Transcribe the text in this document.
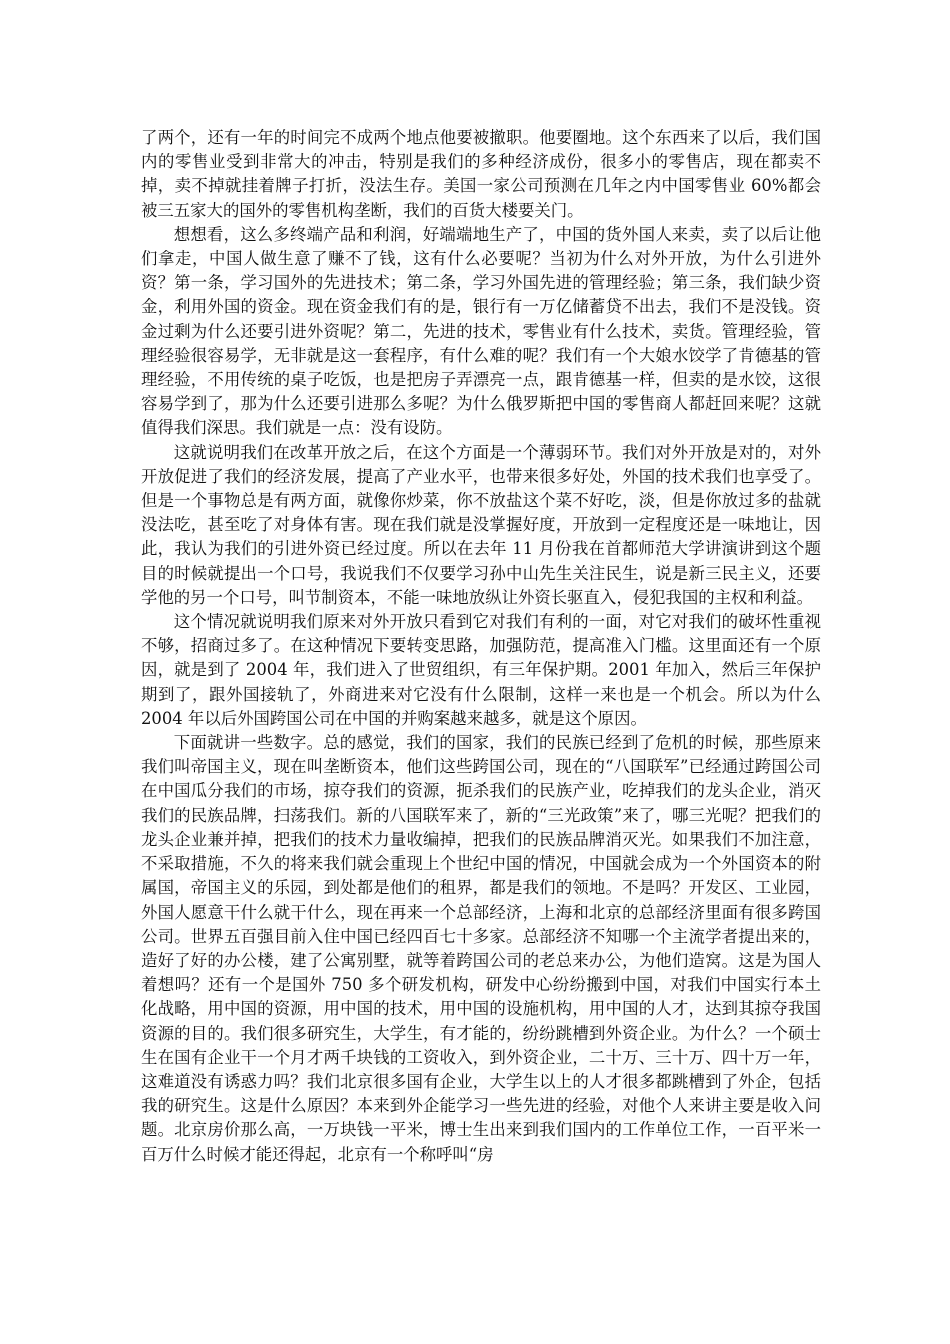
了两个，还有一年的时间完不成两个地点他要被撤职。他要圈地。这个东西来了以后，我们国内的零售业受到非常大的冲击，特别是我们的多种经济成份，很多小的零售店，现在都卖不掉，卖不掉就挂着牌子打折，没法生存。美国一家公司预测在几年之内中国零售业 60%都会被三五家大的国外的零售机构垄断，我们的百货大楼要关门。

想想看，这么多终端产品和利润，好端端地生产了，中国的货外国人来卖，卖了以后让他们拿走，中国人做生意了赚不了钱，这有什么必要呢？当初为什么对外开放，为什么引进外资？第一条，学习国外的先进技术；第二条，学习外国先进的管理经验；第三条，我们缺少资金，利用外国的资金。现在资金我们有的是，银行有一万亿储蓄贷不出去，我们不是没钱。资金过剩为什么还要引进外资呢？第二，先进的技术，零售业有什么技术，卖货。管理经验，管理经验很容易学，无非就是这一套程序，有什么难的呢？我们有一个大娘水饺学了肯德基的管理经验，不用传统的桌子吃饭，也是把房子弄漂亮一点，跟肯德基一样，但卖的是水饺，这很容易学到了，那为什么还要引进那么多呢？为什么俄罗斯把中国的零售商人都赶回来呢？这就值得我们深思。我们就是一点：没有设防。

这就说明我们在改革开放之后，在这个方面是一个薄弱环节。我们对外开放是对的，对外开放促进了我们的经济发展，提高了产业水平，也带来很多好处，外国的技术我们也享受了。但是一个事物总是有两方面，就像你炒菜，你不放盐这个菜不好吃，淡，但是你放过多的盐就没法吃，甚至吃了对身体有害。现在我们就是没掌握好度，开放到一定程度还是一味地让，因此，我认为我们的引进外资已经过度。所以在去年 11 月份我在首都师范大学讲演讲到这个题目的时候就提出一个口号，我说我们不仅要学习孙中山先生关注民生，说是新三民主义，还要学他的另一个口号，叫节制资本，不能一味地放纵让外资长驱直入，侵犯我国的主权和利益。

这个情况就说明我们原来对外开放只看到它对我们有利的一面，对它对我们的破坏性重视不够，招商过多了。在这种情况下要转变思路，加强防范，提高准入门槛。这里面还有一个原因，就是到了 2004 年，我们进入了世贸组织，有三年保护期。2001 年加入，然后三年保护期到了，跟外国接轨了，外商进来对它没有什么限制，这样一来也是一个机会。所以为什么 2004 年以后外国跨国公司在中国的并购案越来越多，就是这个原因。

下面就讲一些数字。总的感觉，我们的国家，我们的民族已经到了危机的时候，那些原来我们叫帝国主义，现在叫垄断资本，他们这些跨国公司，现在的“八国联军”已经通过跨国公司在中国瓜分我们的市场，掠夺我们的资源，扼杀我们的民族产业，吃掉我们的龙头企业，消灭我们的民族品牌，扫荡我们。新的八国联军来了，新的“三光政策”来了，哪三光呢？把我们的龙头企业兼并掉，把我们的技术力量收编掉，把我们的民族品牌消灭光。如果我们不加注意，不采取措施，不久的将来我们就会重现上个世纪中国的情况，中国就会成为一个外国资本的附属国，帝国主义的乐园，到处都是他们的租界，都是我们的领地。不是吗？开发区、工业园，外国人愿意干什么就干什么，现在再来一个总部经济，上海和北京的总部经济里面有很多跨国公司。世界五百强目前入住中国已经四百七十多家。总部经济不知哪一个主流学者提出来的，造好了好的办公楼，建了公寓别墅，就等着跨国公司的老总来办公，为他们造窝。这是为国人着想吗？还有一个是国外 750 多个研发机构，研发中心纷纷搬到中国，对我们中国实行本土化战略，用中国的资源，用中国的技术，用中国的设施机构，用中国的人才，达到其掠夺我国资源的目的。我们很多研究生，大学生，有才能的，纷纷跳槽到外资企业。为什么？一个硕士生在国有企业干一个月才两千块钱的工资收入，到外资企业，二十万、三十万、四十万一年，这难道没有诱惑力吗？我们北京很多国有企业，大学生以上的人才很多都跳槽到了外企，包括我的研究生。这是什么原因？本来到外企能学习一些先进的经验，对他个人来讲主要是收入问题。北京房价那么高，一万块钱一平米，博士生出来到我们国内的工作单位工作，一百平米一百万什么时候才能还得起，北京有一个称呼叫“房
